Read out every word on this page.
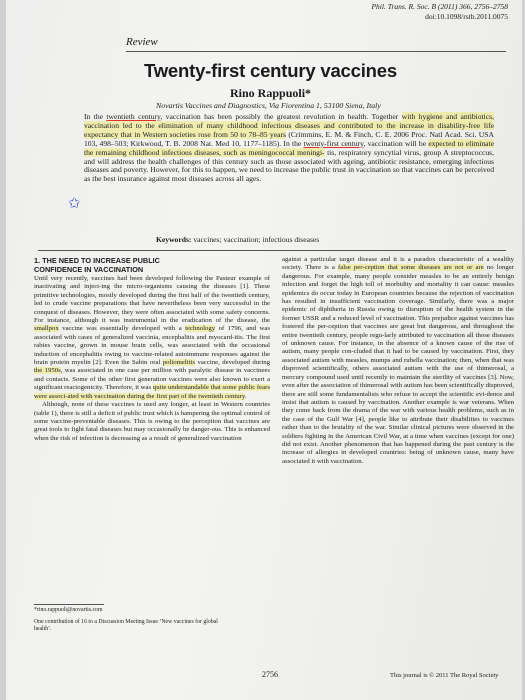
Phil. Trans. R. Soc. B (2011) 366, 2756–2758
doi:10.1098/rstb.2011.0075
Review
Twenty-first century vaccines
Rino Rappuoli*
Novartis Vaccines and Diagnostics, Via Fiorentina 1, 53100 Siena, Italy
In the twentieth century, vaccination has been possibly the greatest revolution in health. Together with hygiene and antibiotics, vaccination led to the elimination of many childhood infectious diseases and contributed to the increase in disability-free life expectancy that in Western societies rose from 50 to 78–85 years (Crimmins, E. M. & Finch, C. E. 2006 Proc. Natl Acad. Sci. USA 103, 498–503; Kirkwood, T. B. 2008 Nat. Med 10, 1177–1185). In the twenty-first century, vaccination will be expected to eliminate the remaining childhood infectious diseases, such as meningococcal meningi- tis, respiratory syncytial virus, group A streptococcus, and will address the health challenges of this century such as those associated with ageing, antibiotic resistance, emerging infectious diseases and poverty. However, for this to happen, we need to increase the public trust in vaccination so that vaccines can be perceived as the best insurance against most diseases across all ages.
✩
Keywords: vaccines; vaccination; infectious diseases
1. THE NEED TO INCREASE PUBLIC
CONFIDENCE IN VACCINATION

Until very recently, vaccines had been developed following the Pasteur example of inactivating and inject-ing the micro-organisms causing the diseases [1]. These primitive technologies, mostly developed during the first half of the twentieth century, led to crude vaccine preparations that have nevertheless been very successful in the conquest of diseases. However, they were often associated with some safety concerns. For instance, although it was instrumental in the eradication of the disease, the smallpox vaccine was essentially developed with a technology of 1796, and was associated with cases of generalized vaccinia, encephalitis and myocard-itis. The first rabies vaccine, grown in mouse brain cells, was associated with the occasional induction of encephalitis owing to vaccine-related autoimmune responses against the brain protein myelin [2]. Even the Sabin oral poliomelitis vaccine, developed during the 1950s, was associated in one case per million with paralytic disease in vaccinees and contacts. Some of the other first generation vaccines were also known to exert a significant reactogenicity. Therefore, it was quite understandable that some public fears were associ-ated with vaccination during the first part of the twentieth century.

Although, none of these vaccines is used any longer, at least in Western countries (table 1), there is still a deficit of public trust which is hampering the optimal control of some vaccine-preventable diseases. This is owing to the perception that vaccines are great tools to fight fatal diseases but may occasionally be danger-ous. This is enhanced when the risk of infection is decreasing as a result of generalized vaccination

against a particular target disease and it is a paradox characteristic of a wealthy society. There is a false per-ception that some diseases are not or are no longer dangerous. For example, many people consider measles to be an entirely benign infection and forget the high toll of morbidity and mortality it can cause: measles epidemics do occur today in European countries because the rejection of vaccination has resulted in insufficient vaccination coverage. Similarly, there was a major epidemic of diphtheria in Russia owing to disruption of the health system in the former USSR and a reduced level of vaccination. This prejudice against vaccines has fostered the per-ception that vaccines are great but dangerous, and throughout the entire twentieth century, people regu-larly attributed to vaccination all those diseases of unknown cause. For instance, in the absence of a known cause of the rise of autism, many people con-cluded that it had to be caused by vaccination. First, they associated autism with measles, mumps and rubella vaccination; then, when that was disproved scientifically, others associated autism with the use of thimerosal, a mercury compound used until recently to maintain the sterility of vaccines [3]. Now, even after the association of thimerosal with autism has been scientifically disproved, there are still some fundamentalists who refuse to accept the scientific evi-dence and insist that autism is caused by vaccination. Another example is war veterans. When they come back from the drama of the war with various health problems, such as in the case of the Gulf War [4], people like to attribute their disabilities to vaccines rather than to the brutality of the war. Similar clinical pictures were observed in the soldiers fighting in the American Civil War, at a time when vaccines (except for one) did not exist. Another phenomenon that has happened during the past century is the increase of allergies in developed countries: being of unknown cause, many have associated it with vaccination.

*rino.rappuoli@novartis.com
One contribution of 16 to a Discussion Meeting Issue ‘New vaccines for global health’.
2756	This journal is © 2011 The Royal Society
